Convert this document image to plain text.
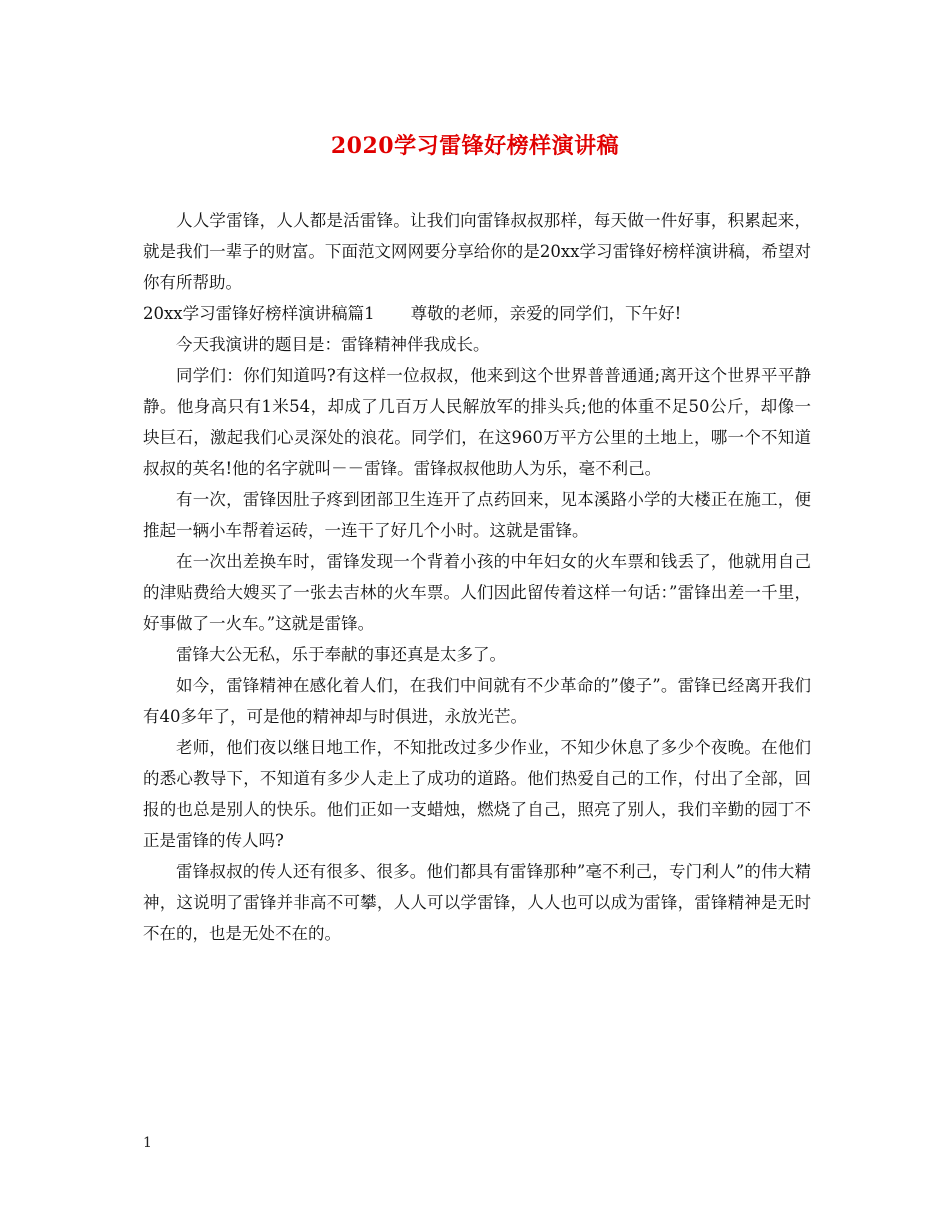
2020学习雷锋好榜样演讲稿

人人学雷锋，人人都是活雷锋。让我们向雷锋叔叔那样，每天做一件好事，积累起来，就是我们一辈子的财富。下面范文网网要分享给你的是20xx学习雷锋好榜样演讲稿，希望对你有所帮助。

20xx学习雷锋好榜样演讲稿篇1 尊敬的老师，亲爱的同学们，下午好!

今天我演讲的题目是：雷锋精神伴我成长。

同学们：你们知道吗?有这样一位叔叔，他来到这个世界普普通通;离开这个世界平平静静。他身高只有1米54，却成了几百万人民解放军的排头兵;他的体重不足50公斤，却像一块巨石，激起我们心灵深处的浪花。同学们，在这960万平方公里的土地上，哪一个不知道叔叔的英名!他的名字就叫－－雷锋。雷锋叔叔他助人为乐，毫不利己。

有一次，雷锋因肚子疼到团部卫生连开了点药回来，见本溪路小学的大楼正在施工，便推起一辆小车帮着运砖，一连干了好几个小时。这就是雷锋。

在一次出差换车时，雷锋发现一个背着小孩的中年妇女的火车票和钱丢了，他就用自己的津贴费给大嫂买了一张去吉林的火车票。人们因此留传着这样一句话：”雷锋出差一千里，好事做了一火车。”这就是雷锋。

雷锋大公无私，乐于奉献的事还真是太多了。

如今，雷锋精神在感化着人们，在我们中间就有不少革命的”傻子”。雷锋已经离开我们有40多年了，可是他的精神却与时俱进，永放光芒。

老师，他们夜以继日地工作，不知批改过多少作业，不知少休息了多少个夜晚。在他们的悉心教导下，不知道有多少人走上了成功的道路。他们热爱自己的工作，付出了全部，回报的也总是别人的快乐。他们正如一支蜡烛，燃烧了自己，照亮了别人，我们辛勤的园丁不正是雷锋的传人吗?

雷锋叔叔的传人还有很多、很多。他们都具有雷锋那种”毫不利己，专门利人”的伟大精神，这说明了雷锋并非高不可攀，人人可以学雷锋，人人也可以成为雷锋，雷锋精神是无时不在的，也是无处不在的。

1
